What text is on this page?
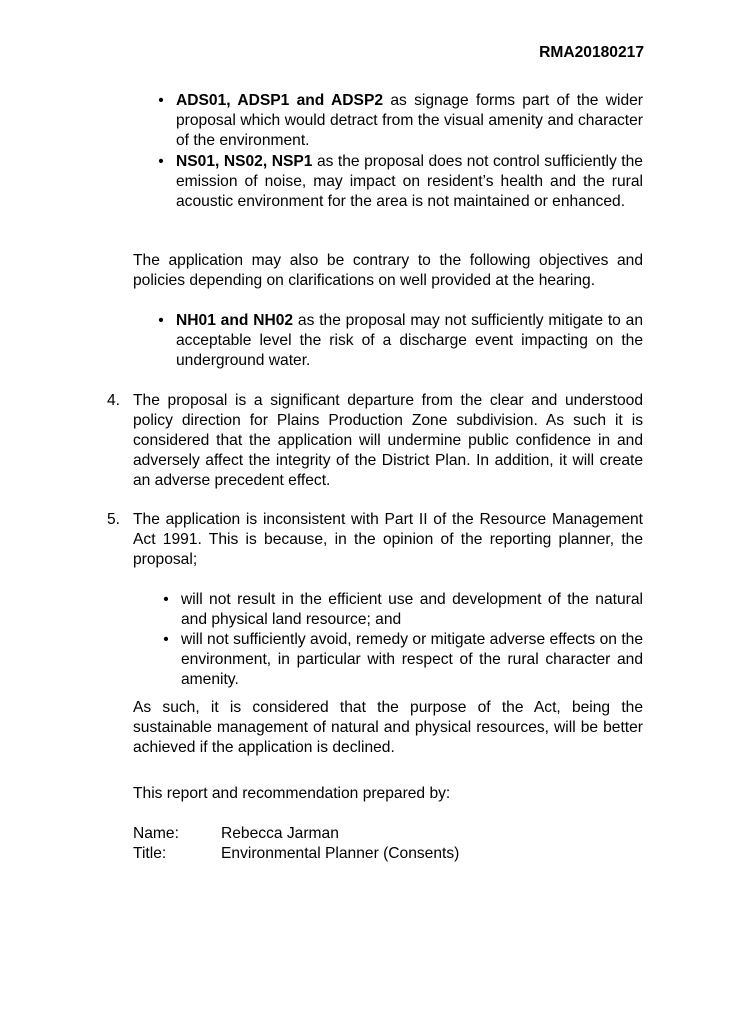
RMA20180217
• ADS01, ADSP1 and ADSP2 as signage forms part of the wider proposal which would detract from the visual amenity and character of the environment.
• NS01, NS02, NSP1 as the proposal does not control sufficiently the emission of noise, may impact on resident’s health and the rural acoustic environment for the area is not maintained or enhanced.
The application may also be contrary to the following objectives and policies depending on clarifications on well provided at the hearing.
• NH01 and NH02 as the proposal may not sufficiently mitigate to an acceptable level the risk of a discharge event impacting on the underground water.
4. The proposal is a significant departure from the clear and understood policy direction for Plains Production Zone subdivision. As such it is considered that the application will undermine public confidence in and adversely affect the integrity of the District Plan. In addition, it will create an adverse precedent effect.
5. The application is inconsistent with Part II of the Resource Management Act 1991. This is because, in the opinion of the reporting planner, the proposal;
• will not result in the efficient use and development of the natural and physical land resource; and
• will not sufficiently avoid, remedy or mitigate adverse effects on the environment, in particular with respect of the rural character and amenity.
As such, it is considered that the purpose of the Act, being the sustainable management of natural and physical resources, will be better achieved if the application is declined.
This report and recommendation prepared by:
Name:	Rebecca Jarman
Title:	Environmental Planner (Consents)
